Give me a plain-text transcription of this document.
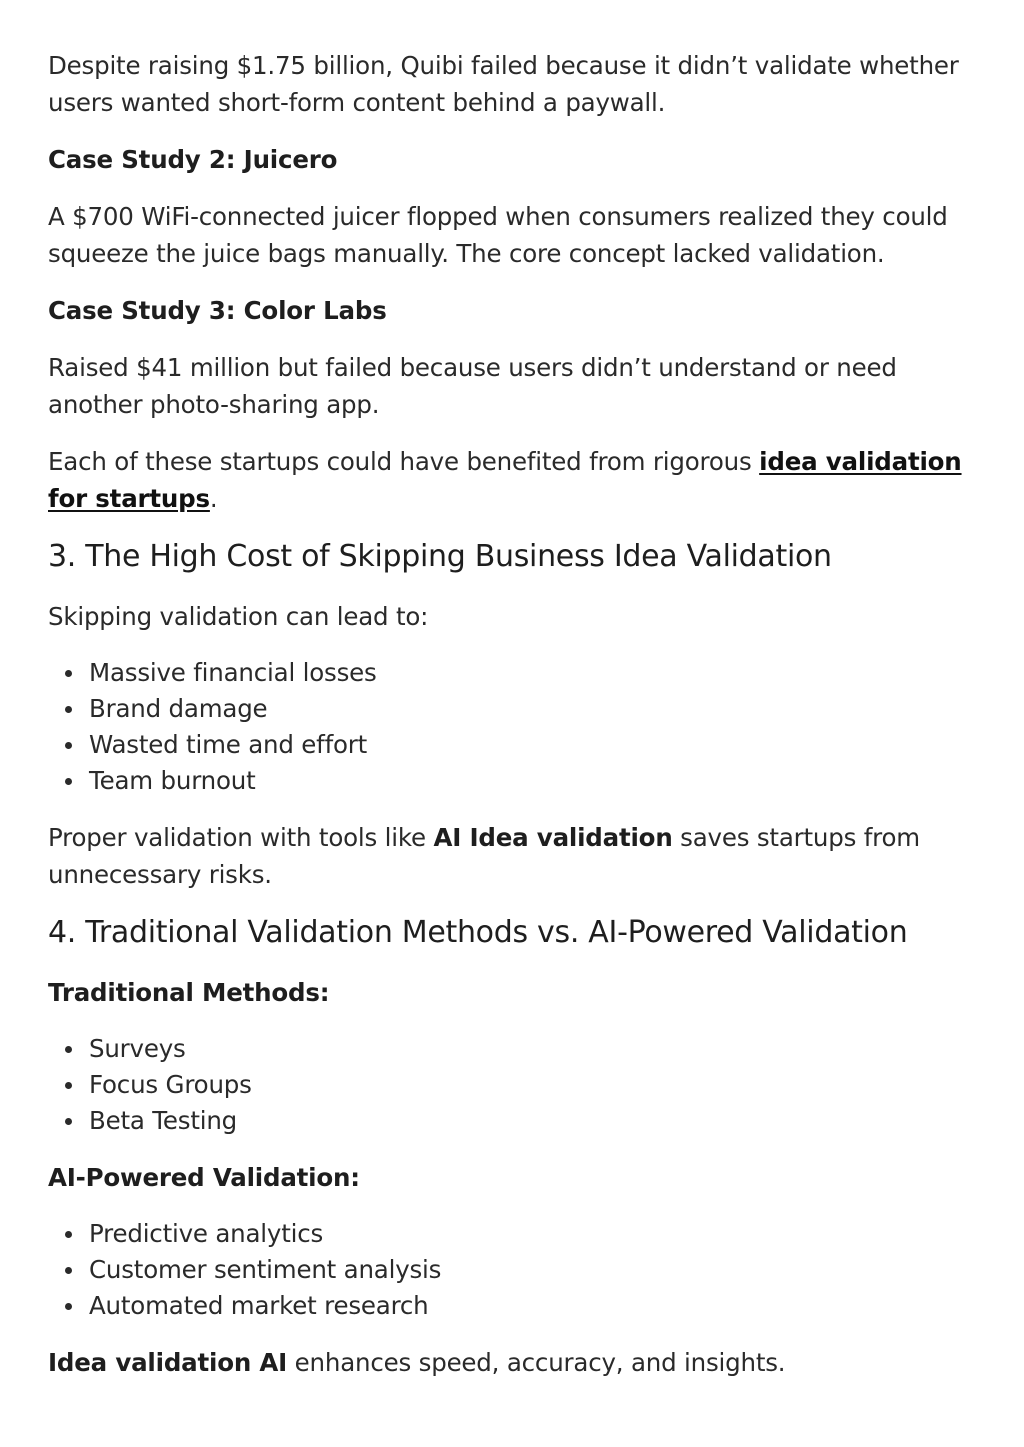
Despite raising $1.75 billion, Quibi failed because it didn’t validate whether users wanted short-form content behind a paywall.

Case Study 2: Juicero

A $700 WiFi-connected juicer flopped when consumers realized they could squeeze the juice bags manually. The core concept lacked validation.

Case Study 3: Color Labs

Raised $41 million but failed because users didn’t understand or need another photo-sharing app.

Each of these startups could have benefited from rigorous idea validation for startups.

3. The High Cost of Skipping Business Idea Validation

Skipping validation can lead to:

Massive financial losses
Brand damage
Wasted time and effort
Team burnout

Proper validation with tools like AI Idea validation saves startups from unnecessary risks.

4. Traditional Validation Methods vs. AI-Powered Validation

Traditional Methods:

Surveys
Focus Groups
Beta Testing

AI-Powered Validation:

Predictive analytics
Customer sentiment analysis
Automated market research

Idea validation AI enhances speed, accuracy, and insights.
